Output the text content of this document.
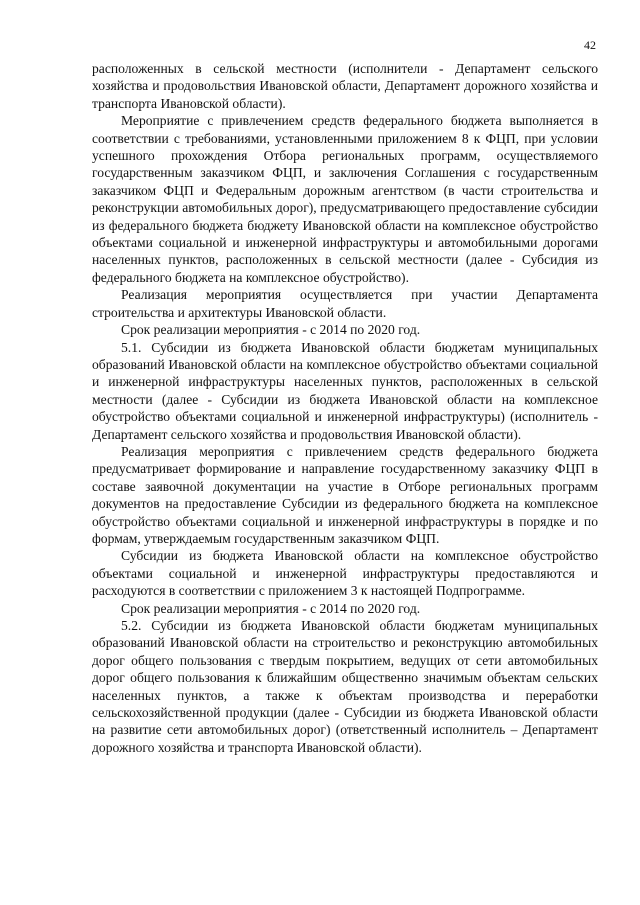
42

расположенных в сельской местности (исполнители - Департамент сельского хозяйства и продовольствия Ивановской области, Департамент дорожного хозяйства и транспорта Ивановской области).

Мероприятие с привлечением средств федерального бюджета выполняется в соответствии с требованиями, установленными приложением 8 к ФЦП, при условии успешного прохождения Отбора региональных программ, осуществляемого государственным заказчиком ФЦП, и заключения Соглашения с государственным заказчиком ФЦП и Федеральным дорожным агентством (в части строительства и реконструкции автомобильных дорог), предусматривающего предоставление субсидии из федерального бюджета бюджету Ивановской области на комплексное обустройство объектами социальной и инженерной инфраструктуры и автомобильными дорогами населенных пунктов, расположенных в сельской местности (далее - Субсидия из федерального бюджета на комплексное обустройство).

Реализация мероприятия осуществляется при участии Департамента строительства и архитектуры Ивановской области.

Срок реализации мероприятия - с 2014 по 2020 год.

5.1. Субсидии из бюджета Ивановской области бюджетам муниципальных образований Ивановской области на комплексное обустройство объектами социальной и инженерной инфраструктуры населенных пунктов, расположенных в сельской местности (далее - Субсидии из бюджета Ивановской области на комплексное обустройство объектами социальной и инженерной инфраструктуры) (исполнитель - Департамент сельского хозяйства и продовольствия Ивановской области).

Реализация мероприятия с привлечением средств федерального бюджета предусматривает формирование и направление государственному заказчику ФЦП в составе заявочной документации на участие в Отборе региональных программ документов на предоставление Субсидии из федерального бюджета на комплексное обустройство объектами социальной и инженерной инфраструктуры в порядке и по формам, утверждаемым государственным заказчиком ФЦП.

Субсидии из бюджета Ивановской области на комплексное обустройство объектами социальной и инженерной инфраструктуры предоставляются и расходуются в соответствии с приложением 3 к настоящей Подпрограмме.

Срок реализации мероприятия - с 2014 по 2020 год.

5.2. Субсидии из бюджета Ивановской области бюджетам муниципальных образований Ивановской области на строительство и реконструкцию автомобильных дорог общего пользования с твердым покрытием, ведущих от сети автомобильных дорог общего пользования к ближайшим общественно значимым объектам сельских населенных пунктов, а также к объектам производства и переработки сельскохозяйственной продукции (далее - Субсидии из бюджета Ивановской области на развитие сети автомобильных дорог) (ответственный исполнитель – Департамент дорожного хозяйства и транспорта Ивановской области).
